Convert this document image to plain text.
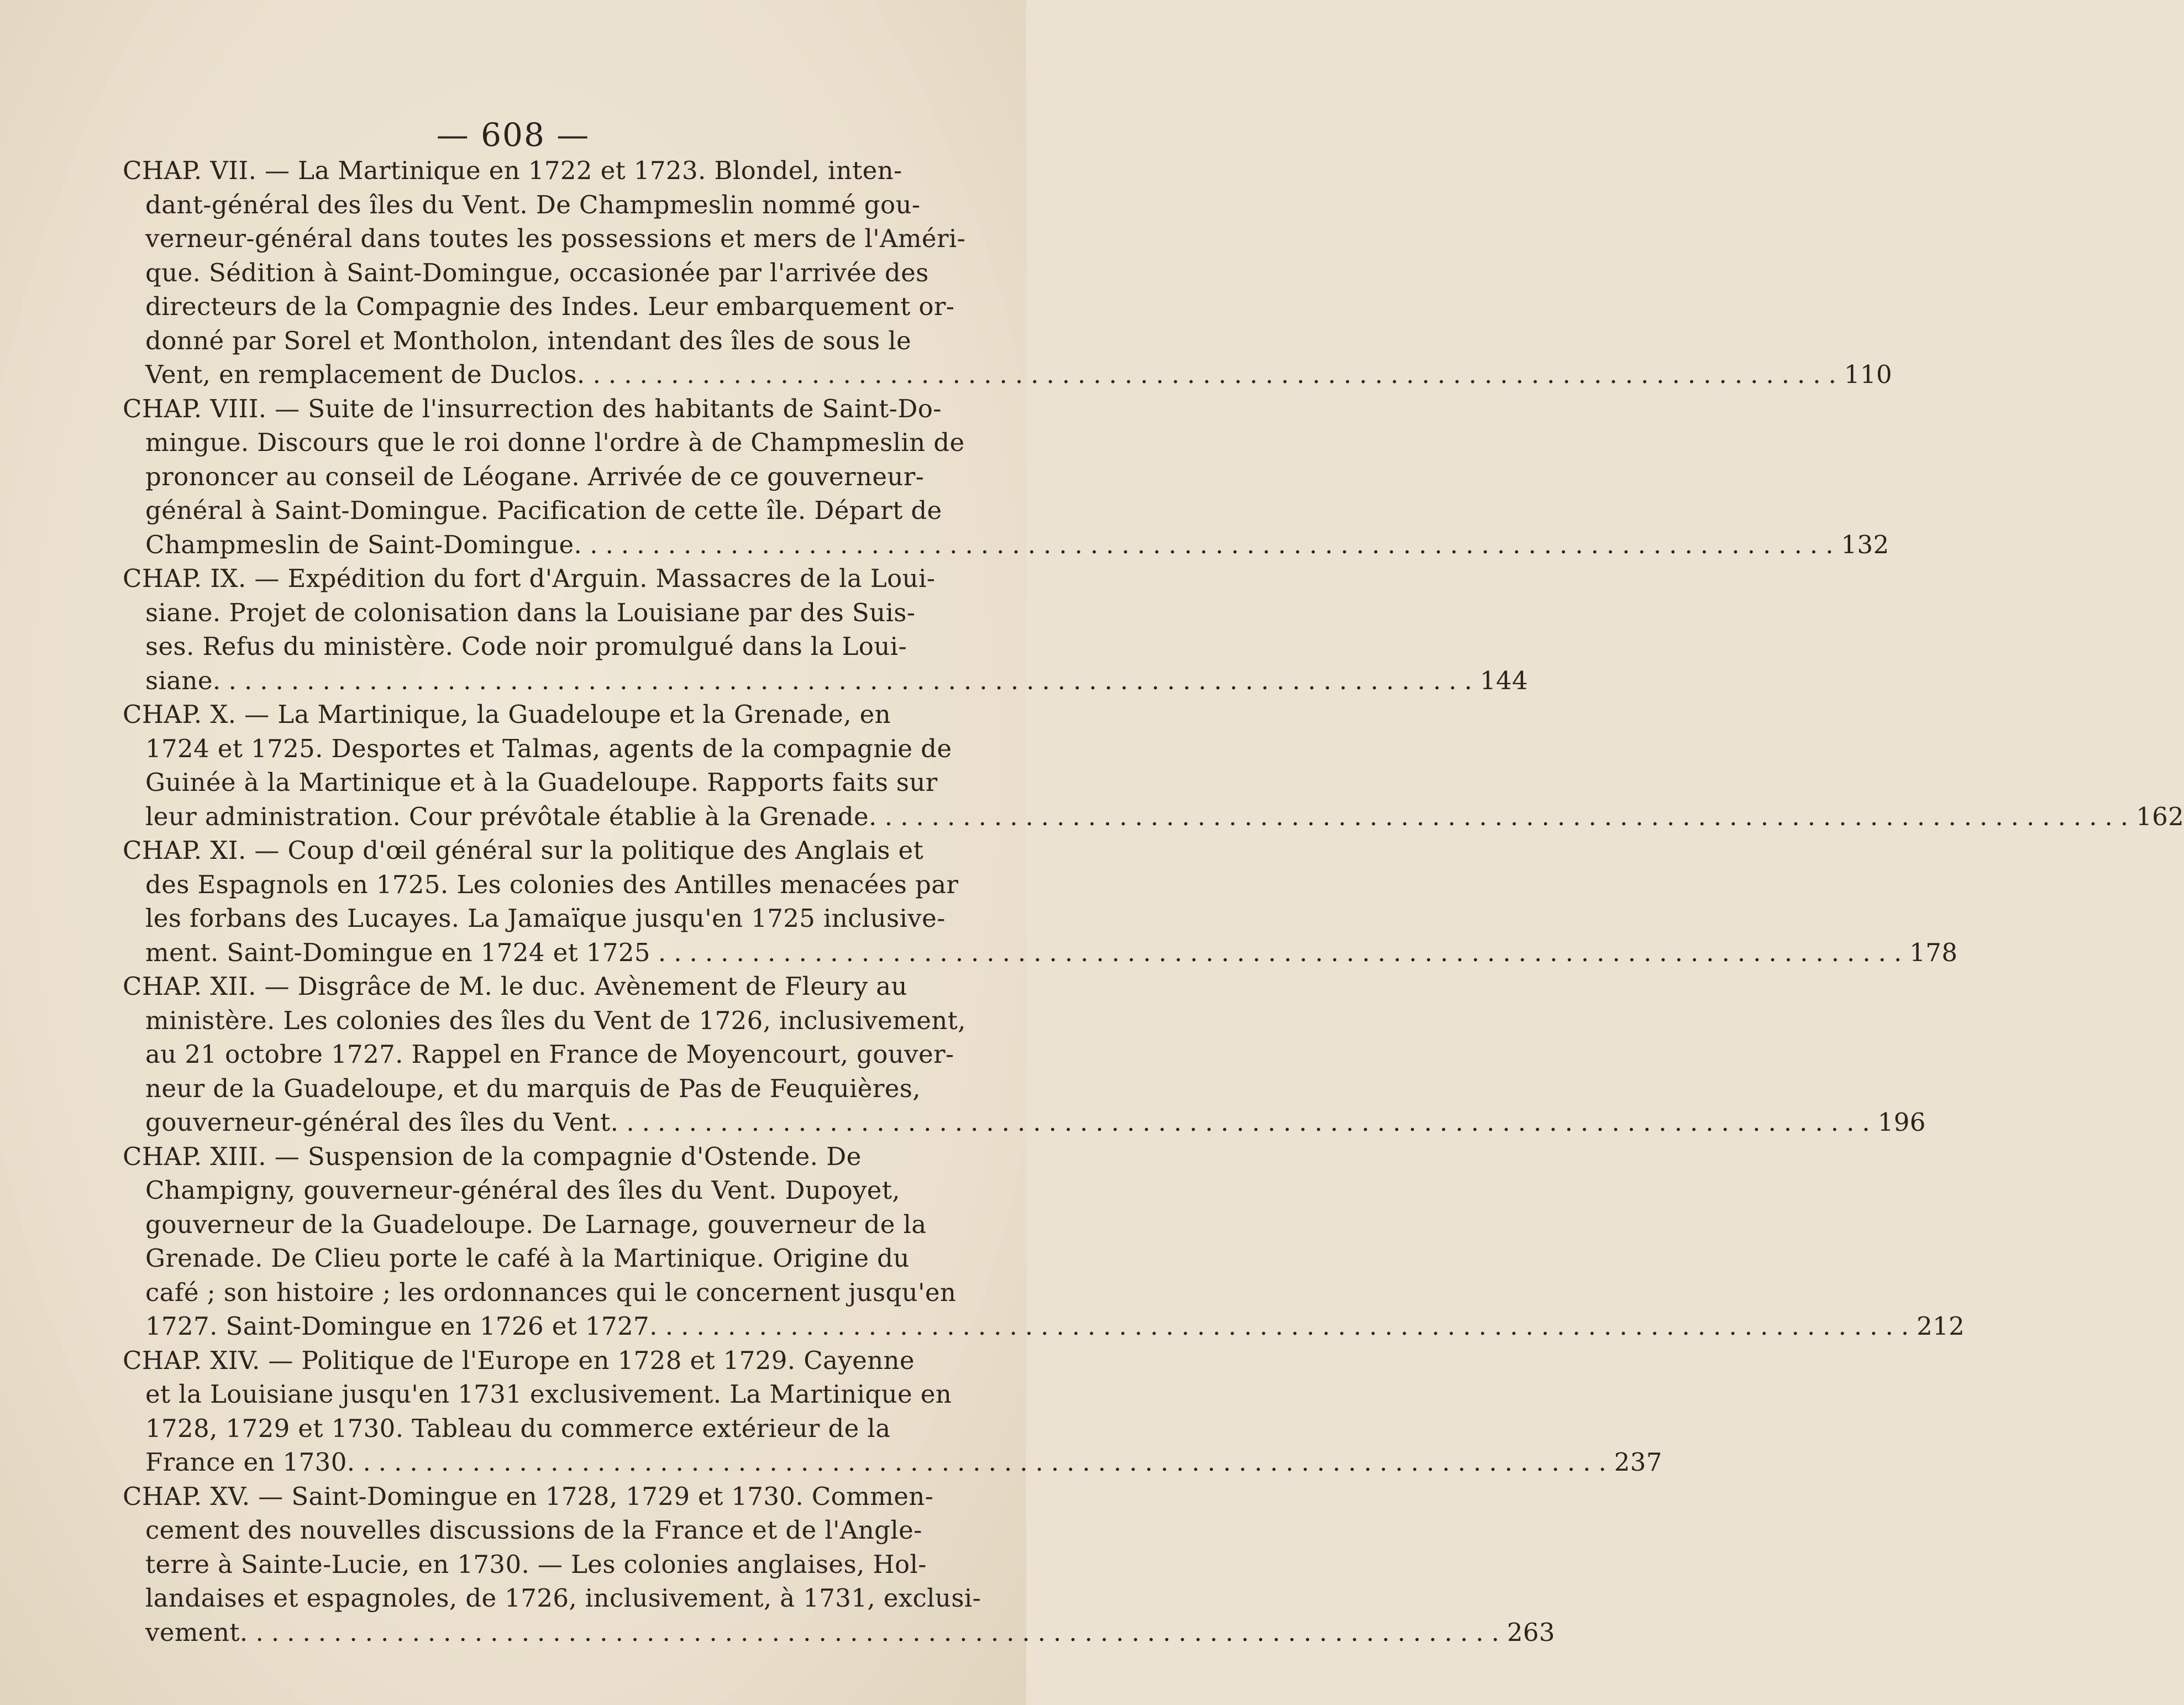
— 608 —
CHAP. VII. — La Martinique en 1722 et 1723. Blondel, inten-
dant-général des îles du Vent. De Champmeslin nommé gou-
verneur-général dans toutes les possessions et mers de l'Améri-
que. Sédition à Saint-Domingue, occasionée par l'arrivée des
directeurs de la Compagnie des Indes. Leur embarquement or-
donné par Sorel et Montholon, intendant des îles de sous le
Vent, en remplacement de Duclos. ................................................................................ 110
CHAP. VIII. — Suite de l'insurrection des habitants de Saint-Do-
mingue. Discours que le roi donne l'ordre à de Champmeslin de
prononcer au conseil de Léogane. Arrivée de ce gouverneur-
général à Saint-Domingue. Pacification de cette île. Départ de
Champmeslin de Saint-Domingue. ................................................................................ 132
CHAP. IX. — Expédition du fort d'Arguin. Massacres de la Loui-
siane. Projet de colonisation dans la Louisiane par des Suis-
ses. Refus du ministère. Code noir promulgué dans la Loui-
siane. ................................................................................ 144
CHAP. X. — La Martinique, la Guadeloupe et la Grenade, en
1724 et 1725. Desportes et Talmas, agents de la compagnie de
Guinée à la Martinique et à la Guadeloupe. Rapports faits sur
leur administration. Cour prévôtale établie à la Grenade. ................................................................................ 162
CHAP. XI. — Coup d'œil général sur la politique des Anglais et
des Espagnols en 1725. Les colonies des Antilles menacées par
les forbans des Lucayes. La Jamaïque jusqu'en 1725 inclusive-
ment. Saint-Domingue en 1724 et 1725 ................................................................................ 178
CHAP. XII. — Disgrâce de M. le duc. Avènement de Fleury au
ministère. Les colonies des îles du Vent de 1726, inclusivement,
au 21 octobre 1727. Rappel en France de Moyencourt, gouver-
neur de la Guadeloupe, et du marquis de Pas de Feuquières,
gouverneur-général des îles du Vent. ................................................................................ 196
CHAP. XIII. — Suspension de la compagnie d'Ostende. De
Champigny, gouverneur-général des îles du Vent. Dupoyet,
gouverneur de la Guadeloupe. De Larnage, gouverneur de la
Grenade. De Clieu porte le café à la Martinique. Origine du
café ; son histoire ; les ordonnances qui le concernent jusqu'en
1727. Saint-Domingue en 1726 et 1727. ................................................................................ 212
CHAP. XIV. — Politique de l'Europe en 1728 et 1729. Cayenne
et la Louisiane jusqu'en 1731 exclusivement. La Martinique en
1728, 1729 et 1730. Tableau du commerce extérieur de la
France en 1730. ................................................................................ 237
CHAP. XV. — Saint-Domingue en 1728, 1729 et 1730. Commen-
cement des nouvelles discussions de la France et de l'Angle-
terre à Sainte-Lucie, en 1730. — Les colonies anglaises, Hol-
landaises et espagnoles, de 1726, inclusivement, à 1731, exclusi-
vement. ................................................................................ 263
